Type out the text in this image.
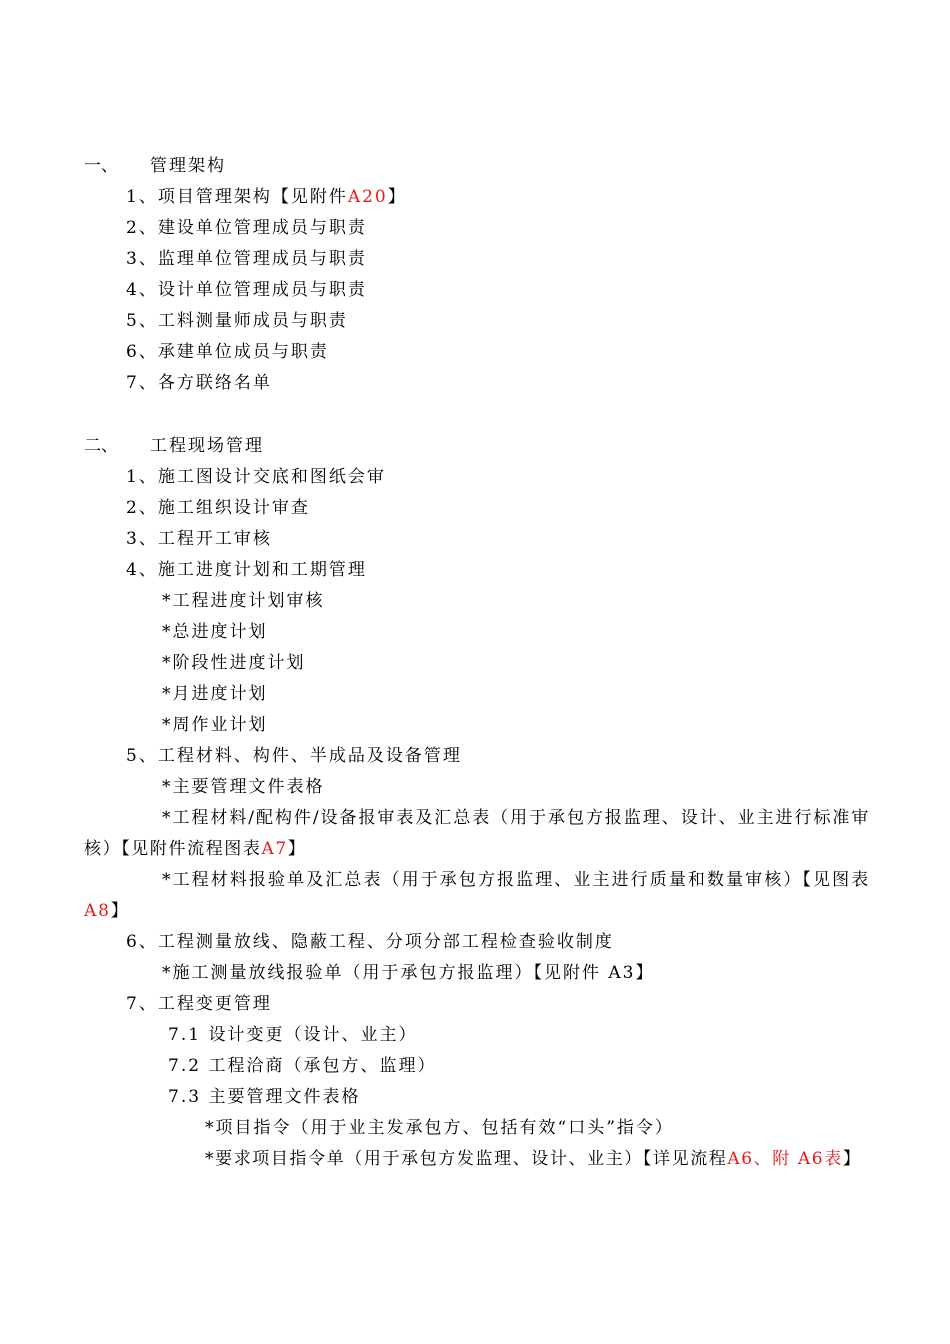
一、 管理架构
1、项目管理架构【见附件A20】
2、建设单位管理成员与职责
3、监理单位管理成员与职责
4、设计单位管理成员与职责
5、工料测量师成员与职责
6、承建单位成员与职责
7、各方联络名单
二、 工程现场管理
1、施工图设计交底和图纸会审
2、施工组织设计审查
3、工程开工审核
4、施工进度计划和工期管理
*工程进度计划审核
*总进度计划
*阶段性进度计划
*月进度计划
*周作业计划
5、工程材料、构件、半成品及设备管理
*主要管理文件表格
*工程材料/配构件/设备报审表及汇总表（用于承包方报监理、设计、业主进行标准审核）【见附件流程图表A7】
*工程材料报验单及汇总表（用于承包方报监理、业主进行质量和数量审核）【见图表A8】
6、工程测量放线、隐蔽工程、分项分部工程检查验收制度
*施工测量放线报验单（用于承包方报监理）【见附件 A3】
7、工程变更管理
7.1 设计变更（设计、业主）
7.2 工程洽商（承包方、监理）
7.3 主要管理文件表格
*项目指令（用于业主发承包方、包括有效“口头”指令）
*要求项目指令单（用于承包方发监理、设计、业主）【详见流程A6、附 A6表】
